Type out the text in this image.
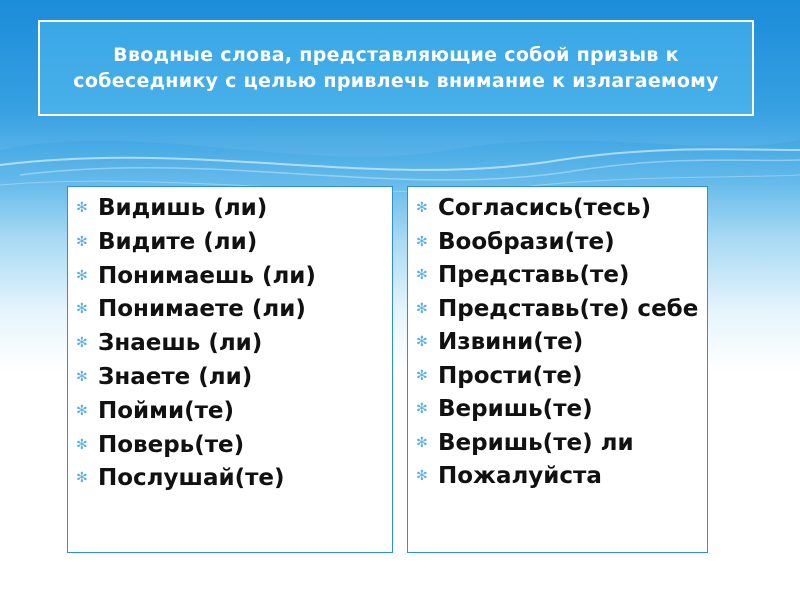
Вводные слова, представляющие собой призыв к собеседнику с целью привлечь внимание к излагаемому

✻ Видишь (ли)
✻ Видите (ли)
✻ Понимаешь (ли)
✻ Понимаете (ли)
✻ Знаешь (ли)
✻ Знаете (ли)
✻ Пойми(те)
✻ Поверь(те)
✻ Послушай(те)
✻ Согласись(тесь)
✻ Вообрази(те)
✻ Представь(те)
✻ Представь(те) себе
✻ Извини(те)
✻ Прости(те)
✻ Веришь(те)
✻ Веришь(те) ли
✻ Пожалуйста
